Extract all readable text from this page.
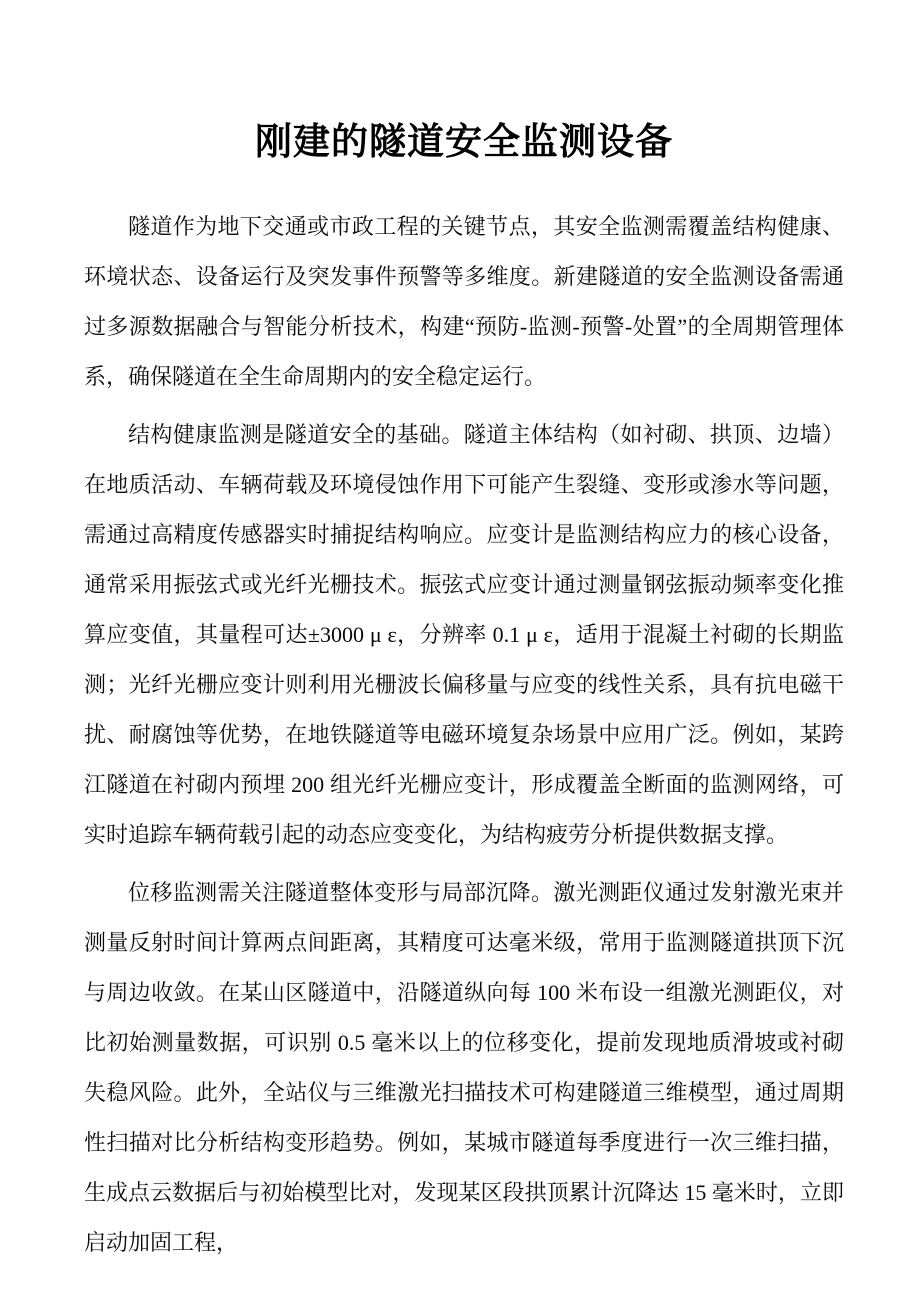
刚建的隧道安全监测设备

隧道作为地下交通或市政工程的关键节点，其安全监测需覆盖结构健康、环境状态、设备运行及突发事件预警等多维度。新建隧道的安全监测设备需通过多源数据融合与智能分析技术，构建“预防-监测-预警-处置”的全周期管理体系，确保隧道在全生命周期内的安全稳定运行。

结构健康监测是隧道安全的基础。隧道主体结构（如衬砌、拱顶、边墙）在地质活动、车辆荷载及环境侵蚀作用下可能产生裂缝、变形或渗水等问题，需通过高精度传感器实时捕捉结构响应。应变计是监测结构应力的核心设备，通常采用振弦式或光纤光栅技术。振弦式应变计通过测量钢弦振动频率变化推算应变值，其量程可达±3000 μ ε，分辨率 0.1 μ ε，适用于混凝土衬砌的长期监测；光纤光栅应变计则利用光栅波长偏移量与应变的线性关系，具有抗电磁干扰、耐腐蚀等优势，在地铁隧道等电磁环境复杂场景中应用广泛。例如，某跨江隧道在衬砌内预埋 200 组光纤光栅应变计，形成覆盖全断面的监测网络，可实时追踪车辆荷载引起的动态应变变化，为结构疲劳分析提供数据支撑。

位移监测需关注隧道整体变形与局部沉降。激光测距仪通过发射激光束并测量反射时间计算两点间距离，其精度可达毫米级，常用于监测隧道拱顶下沉与周边收敛。在某山区隧道中，沿隧道纵向每 100 米布设一组激光测距仪，对比初始测量数据，可识别 0.5 毫米以上的位移变化，提前发现地质滑坡或衬砌失稳风险。此外，全站仪与三维激光扫描技术可构建隧道三维模型，通过周期性扫描对比分析结构变形趋势。例如，某城市隧道每季度进行一次三维扫描，生成点云数据后与初始模型比对，发现某区段拱顶累计沉降达 15 毫米时，立即启动加固工程，
